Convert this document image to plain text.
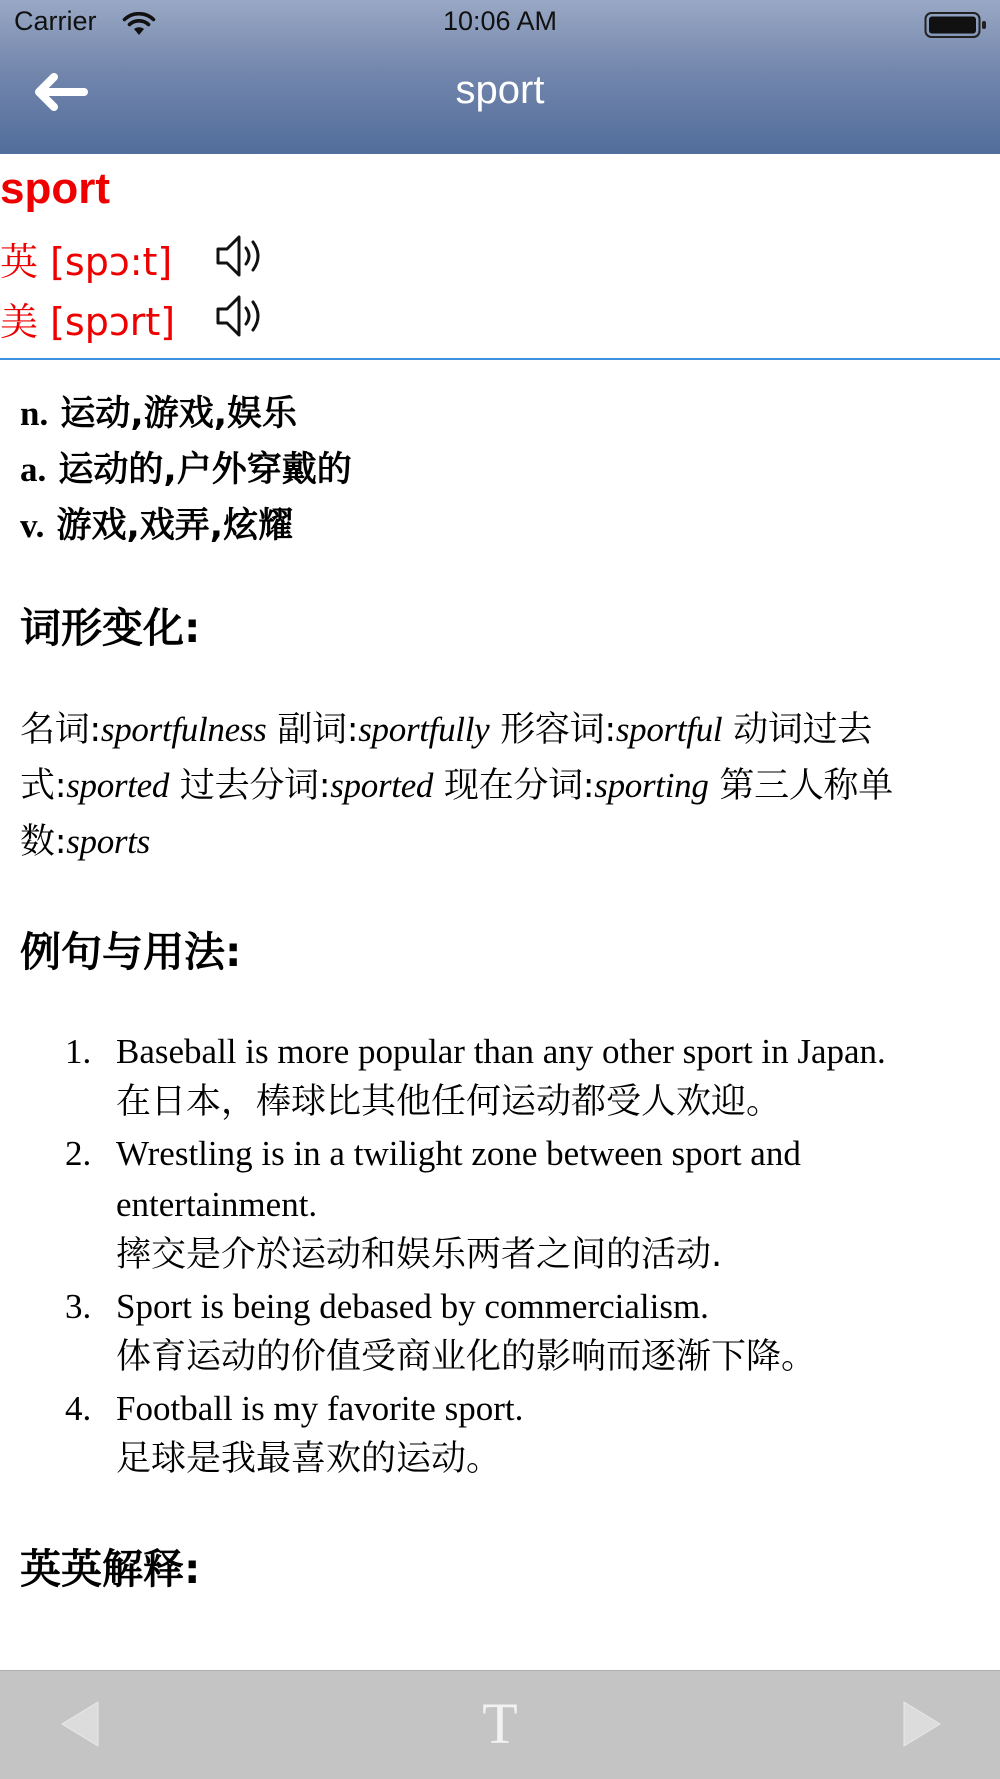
Carrier	10:06 AM
sport
sport
英 [spɔ:t]
美 [spɔrt]
n. 运动,游戏,娱乐
a. 运动的,户外穿戴的
v. 游戏,戏弄,炫耀
词形变化:
名词:sportfulness 副词:sportfully 形容词:sportful 动词过去式:sported 过去分词:sported 现在分词:sporting 第三人称单数:sports
例句与用法:
1. Baseball is more popular than any other sport in Japan.
在日本，棒球比其他任何运动都受人欢迎。
2. Wrestling is in a twilight zone between sport and entertainment.
摔交是介於运动和娱乐两者之间的活动.
3. Sport is being debased by commercialism.
体育运动的价值受商业化的影响而逐渐下降。
4. Football is my favorite sport.
足球是我最喜欢的运动。
英英解释:
T
